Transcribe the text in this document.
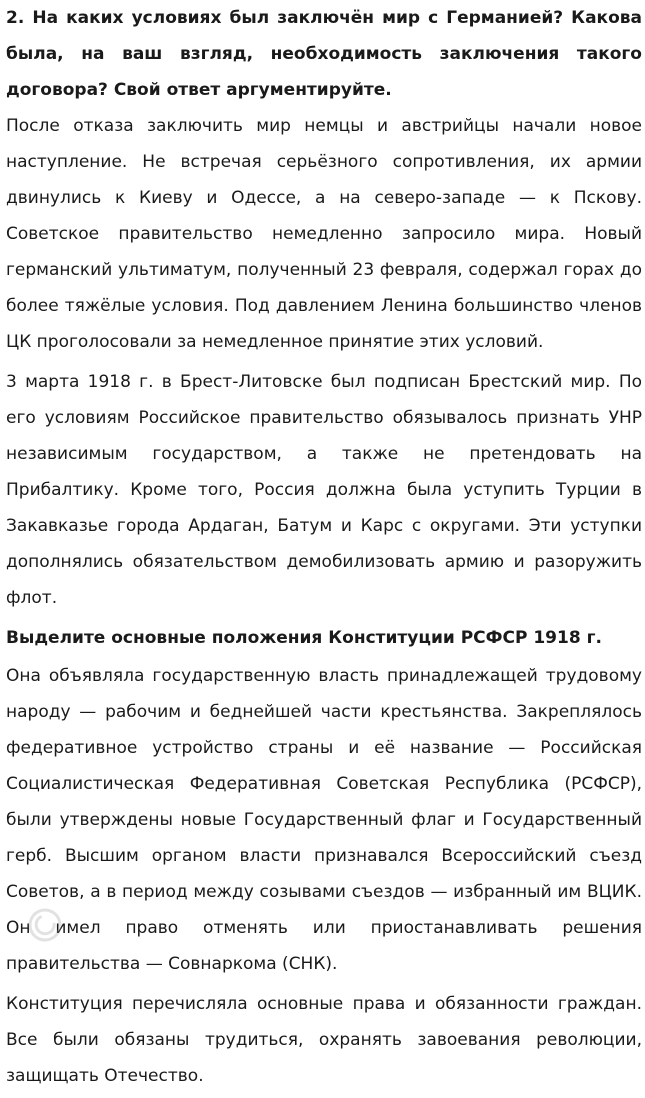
2. На каких условиях был заключён мир с Германией? Какова была, на ваш взгляд, необходимость заключения такого договора? Свой ответ аргументируйте.

После отказа заключить мир немцы и австрийцы начали новое наступление. Не встречая серьёзного сопротивления, их армии двинулись к Киеву и Одессе, а на северо-западе — к Пскову. Советское правительство немедленно запросило мира. Новый германский ультиматум, полученный 23 февраля, содержал горах до более тяжёлые условия. Под давлением Ленина большинство членов ЦК проголосовали за немедленное принятие этих условий.

3 марта 1918 г. в Брест-Литовске был подписан Брестский мир. По его условиям Российское правительство обязывалось признать УНР независимым государством, а также не претендовать на Прибалтику. Кроме того, Россия должна была уступить Турции в Закавказье города Ардаган, Батум и Карс с округами. Эти уступки дополнялись обязательством демобилизовать армию и разоружить флот.

Выделите основные положения Конституции РСФСР 1918 г.

Она объявляла государственную власть принадлежащей трудовому народу — рабочим и беднейшей части крестьянства. Закреплялось федеративное устройство страны и её название — Российская Социалистическая Федеративная Советская Республика (РСФСР), были утверждены новые Государственный флаг и Государственный герб. Высшим органом власти признавался Всероссийский съезд Советов, а в период между созывами съездов — избранный им ВЦИК. Он имел право отменять или приостанавливать решения правительства — Совнаркома (СНК).

Конституция перечисляла основные права и обязанности граждан. Все были обязаны трудиться, охранять завоевания революции, защищать Отечество.
